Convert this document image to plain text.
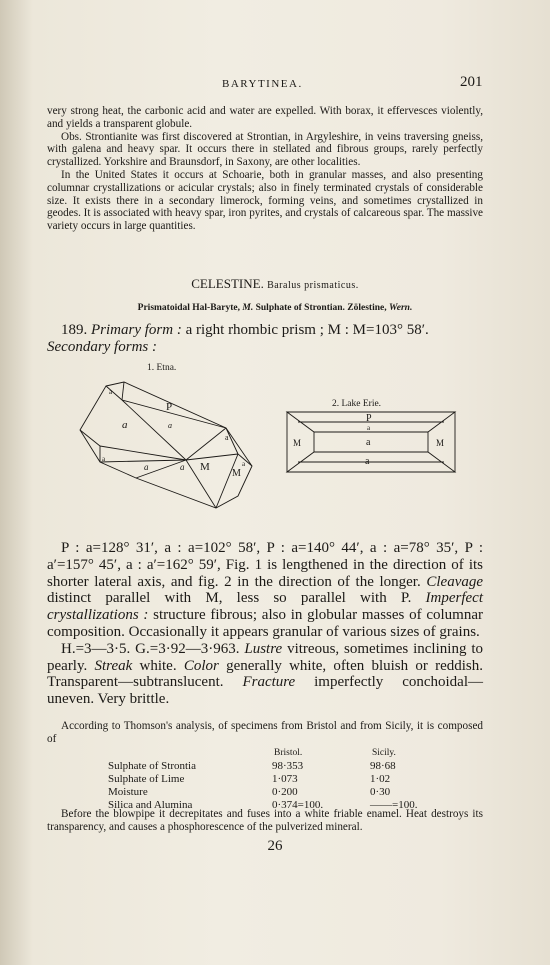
BARYTINEA.	201

very strong heat, the carbonic acid and water are expelled. With borax, it effervesces violently, and yields a transparent globule.

Obs. Strontianite was first discovered at Strontian, in Argyleshire, in veins traversing gneiss, with galena and heavy spar. It occurs there in stellated and fibrous groups, rarely perfectly crystallized. Yorkshire and Braunsdorf, in Saxony, are other localities.

In the United States it occurs at Schoarie, both in granular masses, and also presenting columnar crystallizations or acicular crystals; also in finely terminated crystals of considerable size. It exists there in a secondary limerock, forming veins, and sometimes crystallized in geodes. It is associated with heavy spar, iron pyrites, and crystals of calcareous spar. The massive variety occurs in large quantities.

CELESTINE. Baralus prismaticus.
Prismatoidal Hal-Baryte, M. Sulphate of Strontian. Zölestine, Wern.

189. Primary form : a right rhombic prism ; M : M=103° 58′.

Secondary forms :

1. Etna.
a
P
a	a
a
a
a	a M
M
a
2. Lake Erie.
P
a
a
a
M	M

P : a=128° 31′, a : a=102° 58′, P : a=140° 44′, a : a=78° 35′, P : a′=157° 45′, a : a′=162° 59′, Fig. 1 is lengthened in the direction of its shorter lateral axis, and fig. 2 in the direction of the longer. Cleavage distinct parallel with M, less so parallel with P. Imperfect crystallizations : structure fibrous; also in globular masses of columnar composition. Occasionally it appears granular of various sizes of grains.

H.=3—3·5. G.=3·92—3·963. Lustre vitreous, sometimes inclining to pearly. Streak white. Color generally white, often bluish or reddish. Transparent—subtranslucent. Fracture imperfectly conchoidal—uneven. Very brittle.

According to Thomson's analysis, of specimens from Bristol and from Sicily, it is composed of

Bristol.	Sicily.
Sulphate of Strontia	98·353	98·68
Sulphate of Lime	1·073	1·02
Moisture	0·200	0·30
Silica and Alumina	0·374=100.	——=100.

Before the blowpipe it decrepitates and fuses into a white friable enamel. Heat destroys its transparency, and causes a phosphorescence of the pulverized mineral.

26
